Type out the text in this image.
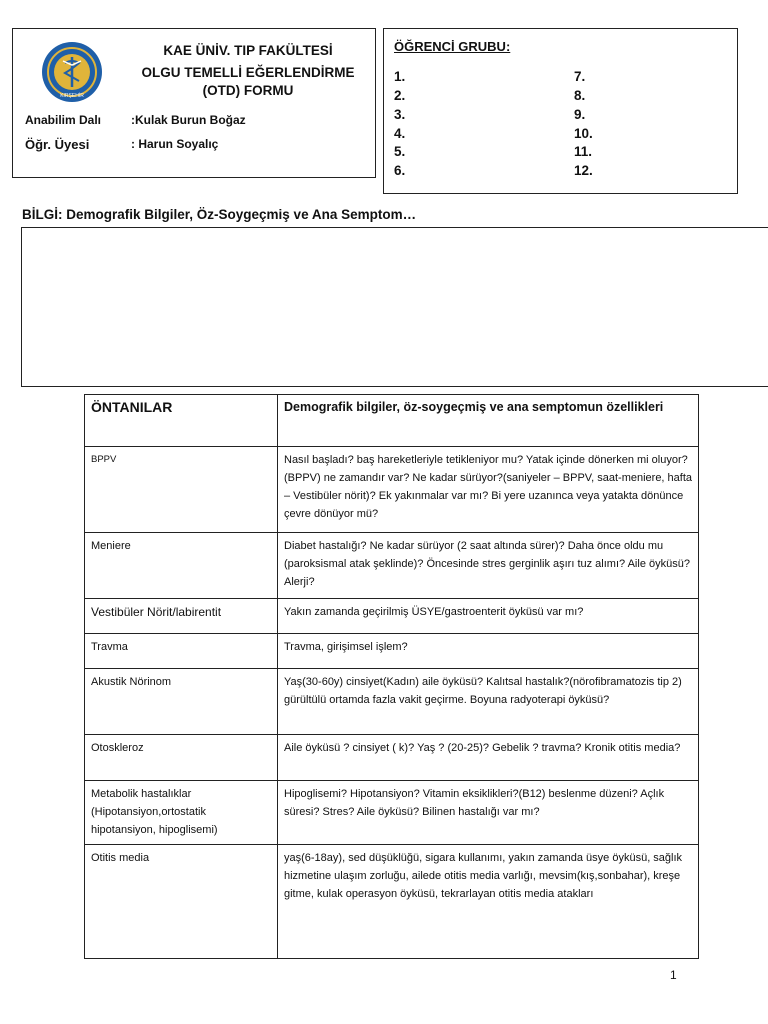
KIRŞEHİR
KAE ÜNİV. TIP FAKÜLTESİ
OLGU TEMELLİ EĞERLENDİRME
(OTD) FORMU
Anabilim Dalı :Kulak Burun Boğaz
Öğr. Üyesi	: Harun Soyalıç
ÖĞRENCİ GRUBU:
1.
2.
3.
4.
5.
6.
7.
8.
9.
10.
11.
12.
BİLGİ: Demografik Bilgiler, Öz-Soygeçmiş ve Ana Semptom…
ÖNTANILAR	Demografik bilgiler, öz-soygeçmiş ve ana semptomun özellikleri
BPPV	Nasıl başladı? baş hareketleriyle tetikleniyor mu? Yatak içinde dönerken mi oluyor?(BPPV) ne zamandır var? Ne kadar sürüyor?(saniyeler – BPPV, saat-meniere, hafta – Vestibüler nörit)? Ek yakınmalar var mı? Bi yere uzanınca veya yatakta dönünce çevre dönüyor mü?
Meniere	Diabet hastalığı? Ne kadar sürüyor (2 saat altında sürer)? Daha önce oldu mu (paroksismal atak şeklinde)? Öncesinde stres gerginlik aşırı tuz alımı? Aile öyküsü? Alerji?
Vestibüler Nörit/labirentit	Yakın zamanda geçirilmiş ÜSYE/gastroenterit öyküsü var mı?
Travma	Travma, girişimsel işlem?
Akustik Nörinom	Yaş(30-60y) cinsiyet(Kadın) aile öyküsü? Kalıtsal hastalık?(nörofibramatozis tip 2) gürültülü ortamda fazla vakit geçirme. Boyuna radyoterapi öyküsü?
Otoskleroz	Aile öyküsü ? cinsiyet ( k)? Yaş ? (20-25)? Gebelik ? travma? Kronik otitis media?
Metabolik hastalıklar (Hipotansiyon,ortostatik hipotansiyon, hipoglisemi)	Hipoglisemi? Hipotansiyon? Vitamin eksiklikleri?(B12) beslenme düzeni? Açlık süresi? Stres? Aile öyküsü? Bilinen hastalığı var mı?
Otitis media	yaş(6-18ay), sed düşüklüğü, sigara kullanımı, yakın zamanda üsye öyküsü, sağlık hizmetine ulaşım zorluğu, ailede otitis media varlığı, mevsim(kış,sonbahar), kreşe gitme, kulak operasyon öyküsü, tekrarlayan otitis media atakları
1
